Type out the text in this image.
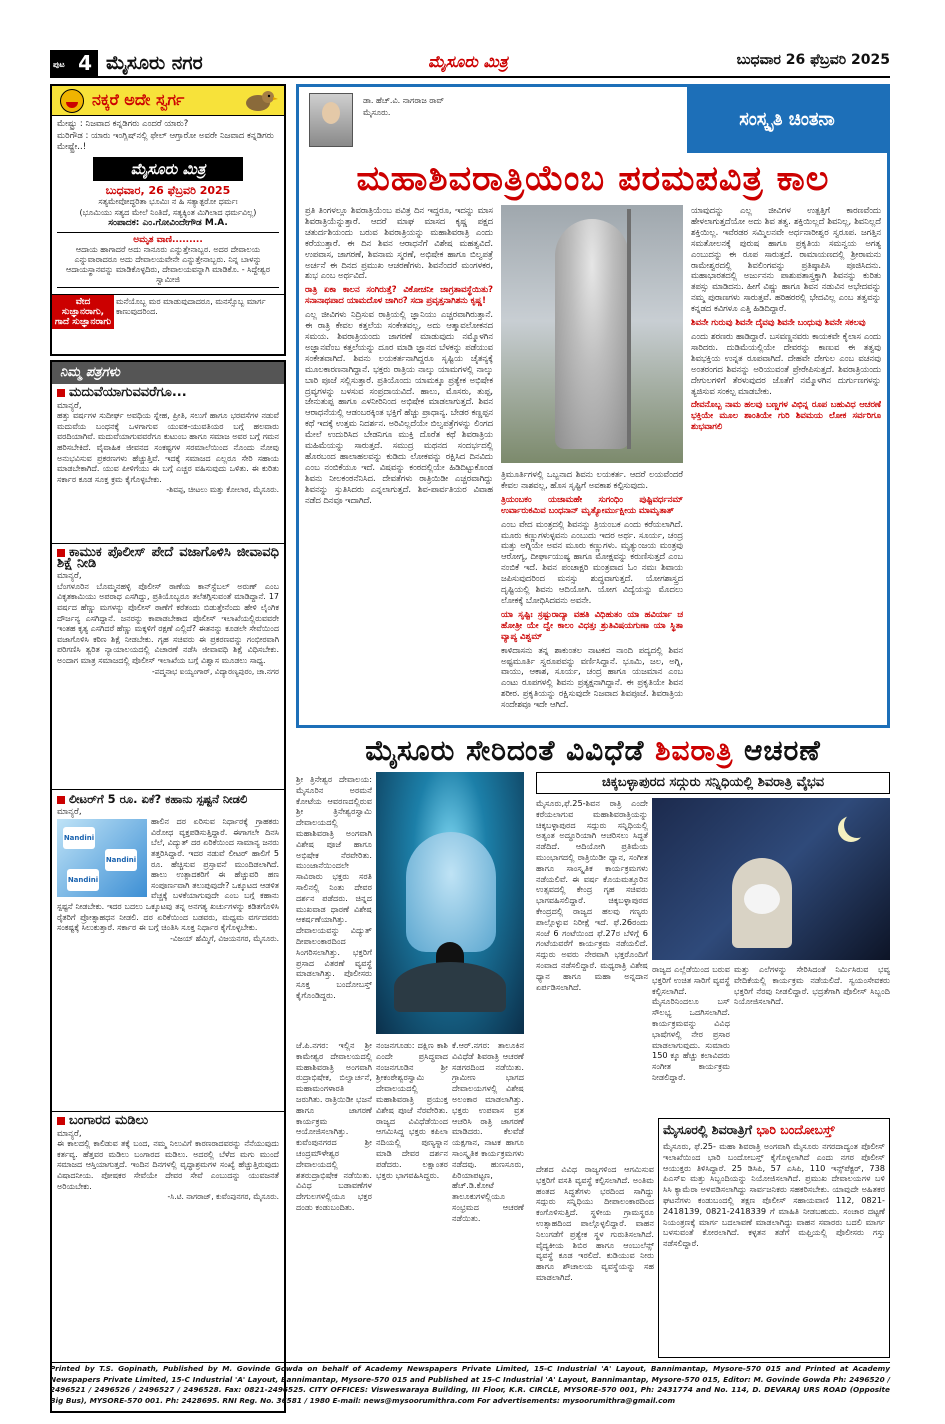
ಪುಟ 4 ಮೈಸೂರು ನಗರ	ಮೈಸೂರು ಮಿತ್ರ	ಬುಧವಾರ 26 ಫೆಬ್ರವರಿ 2025
ನಕ್ಕರೆ ಅದೇ ಸ್ವರ್ಗ

ಮೇಷ್ಟ್ರು : ನಿಜವಾದ ಕನ್ನಡಿಗರು ಎಂದರೆ ಯಾರು?

ಮರಿಗೌಡ : ಯಾರು ಇಂಗ್ಲಿಷ್‌ನಲ್ಲಿ ಫೇಲ್ ಆಗ್ತಾರೋ ಅವರೇ ನಿಜವಾದ ಕನ್ನಡಿಗರು ಮೇಷ್ಟ್ರೇ..!

ಮೈಸೂರು ಮಿತ್ರ
ಬುಧವಾರ, 26 ಫೆಬ್ರವರಿ 2025
ಸತ್ಯಮೇವೋದ್ಧರಿತಾ ಭೂಮಿಃ ನ ಹಿ ಸತ್ಯಾತ್ಪರೋ ಧರ್ಮಃ
(ಭೂಮಿಯು ಸತ್ಯದ ಮೇಲೆ ನಿಂತಿದೆ, ಸತ್ಯಕ್ಕಿಂತ ಮಿಗಿಲಾದ ಧರ್ಮವಿಲ್ಲ)
ಸಂಪಾದಕ: ಎಂ.ಗೋವಿಂದೇಗೌಡ M.A.
ಅಮೃತ ವಾಣಿ.........
ಆದಾಯ ಹಾಗಾದರೆ ಅದು ನಾನೂರು ಎನ್ನುತ್ತೇನಾಬ್ಬರ. ಅದರ ದೇವಾಲಯ ಎನ್ನುವಾರಾದರೂ ಅದು ದೇವಾಲಯವೇನೇ ಎನ್ನುತ್ತೇನಾಬ್ಬರು. ನಿನ್ನ ಬಾಳನ್ನು ಆದಾಯಸ್ಥಾನವನ್ನು ಮಾಡಿಕೊಳ್ಳದಿರು, ದೇವಾಲಯವನ್ನಾಗಿ ಮಾಡಿಕೊ. - ಸಿದ್ದೇಶ್ವರ ಸ್ವಾಮೀಜಿ
ವೇದ ಸುಜ್ಞಾನರಾಗು, ಗಾದೆ ಸುಜ್ಞಾನರಾಗು
ಮನೆಯೊಬ್ಬ ಮರ ಮಾಡುವುದಾದರೂ, ಮನಸ್ಸೊಬ್ಬ ಮಾರ್ಗ ಕಾಣುವುದರಿಂದ.
ನಿಮ್ಮ ಪತ್ರಗಳು
ಮದುವೆಯಾಗುವವರೆಗೂ...
ಮಾನ್ಯರೆ,
ಹತ್ತು ವರ್ಷಗಳ ಸುದೀರ್ಘ ಅವಧಿಯ ಸ್ನೇಹ, ಪ್ರೀತಿ, ಸಲುಗೆ ಹಾಗೂ ಭರವಸೆಗಳ ನಡುವೆ ಮದುವೆಯ ಬಂಧನಕ್ಕೆ ಒಳಗಾಗುವ ಯುವಕ-ಯುವತಿಯರ ಬಗ್ಗೆ ಹಲವಾರು ವರದಿಯಾಗಿವೆ. ಮದುವೆಯಾಗುವವರೆಗೂ ಕುಟುಂಬ ಹಾಗೂ ಸಮಾಜ ಅವರ ಬಗ್ಗೆ ಗಮನ ಹರಿಸಬೇಕಿದೆ. ವೈವಾಹಿಕ ಜೀವನದ ಸಂಕಷ್ಟಗಳ ಸರಮಾಲೆಯಿಂದ ನೊಂದು ನೋವು ಅನುಭವಿಸುವ ಪ್ರಕರಣಗಳು ಹೆಚ್ಚುತ್ತಿವೆ. ಇದಕ್ಕೆ ಸಮಾಜದ ಎಲ್ಲರೂ ಸೇರಿ ಸಹಾಯ ಮಾಡಬೇಕಾಗಿದೆ. ಯುವ ಪೀಳಿಗೆಯು ಈ ಬಗ್ಗೆ ಎಚ್ಚರ ವಹಿಸುವುದು ಒಳಿತು. ಈ ಕುರಿತು ಸರ್ಕಾರ ಕೂಡ ಸೂಕ್ತ ಕ್ರಮ ಕೈಗೊಳ್ಳಬೇಕು.
-ಶಿವಪ್ಪ, ಚೀಟಲು ಮತ್ತು ಕೋಲಾರ, ಮೈಸೂರು.
ಕಾಮುಕ ಪೊಲೀಸ್ ಪೇದೆ ವಜಾಗೊಳಿಸಿ ಜೀವಾವಧಿ ಶಿಕ್ಷೆ ನೀಡಿ
ಮಾನ್ಯರೆ,
ಬೆಂಗಳೂರಿನ ಬೊಮ್ಮನಹಳ್ಳಿ ಪೊಲೀಸ್ ಠಾಣೆಯ ಕಾನ್‌ಸ್ಟೆಬಲ್ ಅರುಣ್ ಎಂಬ ವಿಕೃತಕಾಮಿಯು ಅಪರಾಧ ಎಸಗಿದ್ದು, ಪ್ರತಿಯೊಬ್ಬರೂ ತಲೆತಗ್ಗಿಸುವಂತೆ ಮಾಡಿದ್ದಾನೆ. 17 ವರ್ಷದ ಹೆಣ್ಣು ಮಗಳನ್ನು ಪೊಲೀಸ್ ಠಾಣೆಗೆ ಕರೆತಂದು ಬಿಡುತ್ತೇನೆಂದು ಹೇಳಿ ಲೈಂಗಿಕ ದೌರ್ಜನ್ಯ ಎಸಗಿದ್ದಾನೆ. ಜನರನ್ನು ಕಾಪಾಡಬೇಕಾದ ಪೊಲೀಸ್ ಇಲಾಖೆಯಲ್ಲಿರುವವರೇ ಇಂತಹ ಕೃತ್ಯ ಎಸಗಿದರೆ ಹೆಣ್ಣು ಮಕ್ಕಳಿಗೆ ರಕ್ಷಣೆ ಎಲ್ಲಿದೆ? ಈತನನ್ನು ಕೂಡಲೇ ಸೇವೆಯಿಂದ ವಜಾಗೊಳಿಸಿ ಕಠಿಣ ಶಿಕ್ಷೆ ನೀಡಬೇಕು. ಗೃಹ ಸಚಿವರು ಈ ಪ್ರಕರಣವನ್ನು ಗಂಭೀರವಾಗಿ ಪರಿಗಣಿಸಿ ತ್ವರಿತ ನ್ಯಾಯಾಲಯದಲ್ಲಿ ವಿಚಾರಣೆ ನಡೆಸಿ ಜೀವಾವಧಿ ಶಿಕ್ಷೆ ವಿಧಿಸಬೇಕು. ಅಂದಾಗ ಮಾತ್ರ ಸಮಾಜದಲ್ಲಿ ಪೊಲೀಸ್ ಇಲಾಖೆಯ ಬಗ್ಗೆ ವಿಶ್ವಾಸ ಮೂಡಲು ಸಾಧ್ಯ.
-ಪದ್ಮನಾಭ ಐಯ್ಯಂಗಾರ್, ವಿದ್ಯಾರಣ್ಯಪುರಂ, ಚಾ.ನಗರ
ಲೀಟರ್‌ಗೆ 5 ರೂ. ಏಕೆ? ಕಹಾನು ಸ್ಪಷ್ಟನೆ ನೀಡಲಿ
ಮಾನ್ಯರೆ,
Nandini
Nandini
Nandini
ಹಾಲಿನ ದರ ಏರಿಸುವ ನಿರ್ಧಾರಕ್ಕೆ ಗ್ರಾಹಕರು ವಿರೋಧ ವ್ಯಕ್ತಪಡಿಸುತ್ತಿದ್ದಾರೆ. ಈಗಾಗಲೇ ದಿನಸಿ ಬೆಲೆ, ವಿದ್ಯುತ್ ದರ ಏರಿಕೆಯಿಂದ ಸಾಮಾನ್ಯ ಜನರು ತತ್ತರಿಸಿದ್ದಾರೆ. ಇದರ ನಡುವೆ ಲೀಟರ್ ಹಾಲಿಗೆ 5 ರೂ. ಹೆಚ್ಚಿಸುವ ಪ್ರಸ್ತಾವನೆ ಮುಂದಿಡಲಾಗಿದೆ. ಹಾಲು ಉತ್ಪಾದಕರಿಗೆ ಈ ಹೆಚ್ಚುವರಿ ಹಣ ಸಂಪೂರ್ಣವಾಗಿ ತಲುಪುವುದೇ? ಒಕ್ಕೂಟದ ಆಡಳಿತ ವೆಚ್ಚಕ್ಕೆ ಬಳಕೆಯಾಗುವುದೇ ಎಂಬ ಬಗ್ಗೆ ಕಹಾನು ಸ್ಪಷ್ಟನೆ ನೀಡಬೇಕು. ಇದರ ಬದಲು ಒಕ್ಕೂಟವು ತನ್ನ ಅನಗತ್ಯ ಖರ್ಚುಗಳನ್ನು ಕಡಿತಗೊಳಿಸಿ ರೈತರಿಗೆ ಪ್ರೋತ್ಸಾಹಧನ ನೀಡಲಿ. ದರ ಏರಿಕೆಯಿಂದ ಬಡವರು, ಮಧ್ಯಮ ವರ್ಗದವರು ಸಂಕಷ್ಟಕ್ಕೆ ಸಿಲುಕುತ್ತಾರೆ. ಸರ್ಕಾರ ಈ ಬಗ್ಗೆ ಚಿಂತಿಸಿ ಸೂಕ್ತ ನಿರ್ಧಾರ ಕೈಗೊಳ್ಳಬೇಕು.
-ವಿಜಯ್ ಹೆಮ್ಮಿಗೆ, ವಿಜಯನಗರ, ಮೈಸೂರು.
ಬಂಗಾರದ ಮಡಿಲು
ಮಾನ್ಯರೆ,
ಈ ಕಾಲದಲ್ಲಿ ಕಾಲಿಡುವ ತಕ್ಕೆ ಬಂದ, ನಮ್ಮ ನಿಲುವಿಗೆ ಕಾರಣರಾದವರನ್ನು ನೆನೆಯುವುದು ಕರ್ತವ್ಯ. ಹೆತ್ತವರ ಮಡಿಲು ಬಂಗಾರದ ಮಡಿಲು. ಅದರಲ್ಲಿ ಬೆಳೆದ ಮಗು ಮುಂದೆ ಸಮಾಜದ ಆಸ್ತಿಯಾಗುತ್ತದೆ. ಇಂದಿನ ದಿನಗಳಲ್ಲಿ ವೃದ್ಧಾಶ್ರಮಗಳ ಸಂಖ್ಯೆ ಹೆಚ್ಚುತ್ತಿರುವುದು ವಿಷಾದನೀಯ. ಪೋಷಕರ ಸೇವೆಯೇ ದೇವರ ಸೇವೆ ಎಂಬುದನ್ನು ಯುವಜನತೆ ಅರಿಯಬೇಕು.
-ಸಿ.ಟಿ. ನಾಗರಾಜ್, ಕುವೆಂಪುನಗರ, ಮೈಸೂರು.
ಡಾ. ಹೆಚ್.ವಿ. ನಾಗರಾಜ ರಾವ್
ಮೈಸೂರು.	ಸಂಸ್ಕೃತಿ ಚಿಂತನಾ
ಮಹಾಶಿವರಾತ್ರಿಯೆಂಬ ಪರಮಪವಿತ್ರ ಕಾಲ

ಪ್ರತಿ ತಿಂಗಳಲ್ಲೂ ಶಿವರಾತ್ರಿಯೆಂಬ ಪವಿತ್ರ ದಿನ ಇದ್ದರೂ, ಇದನ್ನು ಮಾಸ ಶಿವರಾತ್ರಿಯೆನ್ನುತ್ತಾರೆ. ಆದರೆ ಮಾಘ ಮಾಸದ ಕೃಷ್ಣ ಪಕ್ಷದ ಚತುರ್ದಶಿಯಂದು ಬರುವ ಶಿವರಾತ್ರಿಯನ್ನು ಮಹಾಶಿವರಾತ್ರಿ ಎಂದು ಕರೆಯುತ್ತಾರೆ. ಈ ದಿನ ಶಿವನ ಆರಾಧನೆಗೆ ವಿಶೇಷ ಮಹತ್ವವಿದೆ. ಉಪವಾಸ, ಜಾಗರಣೆ, ಶಿವನಾಮ ಸ್ಮರಣೆ, ಅಭಿಷೇಕ ಹಾಗೂ ಬಿಲ್ವಪತ್ರೆ ಅರ್ಚನೆ ಈ ದಿನದ ಪ್ರಮುಖ ಆಚರಣೆಗಳು. ಶಿವನೆಂದರೆ ಮಂಗಳಕರ, ಶುಭ ಎಂಬ ಅರ್ಥವಿದೆ.

ರಾತ್ರಿ ಏಕಾ ಕಾಲನ ಸಂಗಿರುತ್ತೆ? ವಿಕೋಚನೀ ಜಾಗ್ರತಾವಸ್ಥೆಯಿತು? ಸನಾನಾಥಪಾದ ಯಾಮದೊಳ ಜಾಗಿರ? ಸದಾ ಪ್ರವೃತ್ತನಾಗಿಶನು ಕೃಷ್ಣ!

ಎಲ್ಲ ಜೀವಿಗಳು ನಿದ್ರಿಸುವ ರಾತ್ರಿಯಲ್ಲಿ ಜ್ಞಾನಿಯು ಎಚ್ಚರವಾಗಿರುತ್ತಾನೆ. ಈ ರಾತ್ರಿ ಕೇವಲ ಕತ್ತಲೆಯ ಸಂಕೇತವಲ್ಲ, ಅದು ಆತ್ಮಾವಲೋಕನದ ಸಮಯ. ಶಿವರಾತ್ರಿಯಂದು ಜಾಗರಣೆ ಮಾಡುವುದು ನಮ್ಮೊಳಗಿನ ಅಜ್ಞಾನವೆಂಬ ಕತ್ತಲೆಯನ್ನು ದೂರ ಮಾಡಿ ಜ್ಞಾನದ ಬೆಳಕನ್ನು ಪಡೆಯುವ ಸಂಕೇತವಾಗಿದೆ. ಶಿವನು ಲಯಕರ್ತನಾಗಿದ್ದರೂ ಸೃಷ್ಟಿಯ ಚೈತನ್ಯಕ್ಕೆ ಮೂಲಕಾರಣನಾಗಿದ್ದಾನೆ. ಭಕ್ತರು ರಾತ್ರಿಯ ನಾಲ್ಕು ಯಾಮಗಳಲ್ಲಿ ನಾಲ್ಕು ಬಾರಿ ಪೂಜೆ ಸಲ್ಲಿಸುತ್ತಾರೆ. ಪ್ರತಿಯೊಂದು ಯಾಮಕ್ಕೂ ಪ್ರತ್ಯೇಕ ಅಭಿಷೇಕ ದ್ರವ್ಯಗಳನ್ನು ಬಳಸುವ ಸಂಪ್ರದಾಯವಿದೆ. ಹಾಲು, ಮೊಸರು, ತುಪ್ಪ, ಜೇನುತುಪ್ಪ ಹಾಗೂ ಎಳನೀರಿನಿಂದ ಅಭಿಷೇಕ ಮಾಡಲಾಗುತ್ತದೆ. ಶಿವನ ಆರಾಧನೆಯಲ್ಲಿ ಆಡಂಬರಕ್ಕಿಂತ ಭಕ್ತಿಗೆ ಹೆಚ್ಚು ಪ್ರಾಧಾನ್ಯ. ಬೇಡರ ಕಣ್ಣಪ್ಪನ ಕಥೆ ಇದಕ್ಕೆ ಉತ್ತಮ ನಿದರ್ಶನ. ಅರಿವಿಲ್ಲದೆಯೇ ಬಿಲ್ವಪತ್ರೆಗಳನ್ನು ಲಿಂಗದ ಮೇಲೆ ಉದುರಿಸಿದ ಬೇಡನಿಗೂ ಮುಕ್ತಿ ದೊರೆತ ಕಥೆ ಶಿವರಾತ್ರಿಯ ಮಹಿಮೆಯನ್ನು ಸಾರುತ್ತದೆ. ಸಮುದ್ರ ಮಥನದ ಸಂದರ್ಭದಲ್ಲಿ ಹೊರಬಂದ ಹಾಲಾಹಲವನ್ನು ಕುಡಿದು ಲೋಕವನ್ನು ರಕ್ಷಿಸಿದ ದಿನವಿದು ಎಂಬ ನಂಬಿಕೆಯೂ ಇದೆ. ವಿಷವನ್ನು ಕಂಠದಲ್ಲಿಯೇ ಹಿಡಿದಿಟ್ಟುಕೊಂಡ ಶಿವನು ನೀಲಕಂಠನೆನಿಸಿದ. ದೇವತೆಗಳು ರಾತ್ರಿಯಿಡೀ ಎಚ್ಚರವಾಗಿದ್ದು ಶಿವನನ್ನು ಸ್ತುತಿಸಿದರು ಎನ್ನಲಾಗುತ್ತದೆ. ಶಿವ-ಪಾರ್ವತಿಯರ ವಿವಾಹ ನಡೆದ ದಿನವೂ ಇದಾಗಿದೆ.

ತ್ರಿಮೂರ್ತಿಗಳಲ್ಲಿ ಒಬ್ಬನಾದ ಶಿವನು ಲಯಕರ್ತ. ಆದರೆ ಲಯವೆಂದರೆ ಕೇವಲ ನಾಶವಲ್ಲ, ಹೊಸ ಸೃಷ್ಟಿಗೆ ಅವಕಾಶ ಕಲ್ಪಿಸುವುದು.

ತ್ರಿಯಂಬಕಂ ಯಜಾಮಹೇ ಸುಗಂಧಿಂ ಪುಷ್ಟಿವರ್ಧನಮ್ ಉರ್ವಾರುಕಮಿವ ಬಂಧನಾನ್ ಮೃತ್ಯೋರ್ಮುಕ್ಷೀಯ ಮಾಮೃತಾತ್

ಎಂಬ ವೇದ ಮಂತ್ರದಲ್ಲಿ ಶಿವನನ್ನು ತ್ರಿಯಂಬಕ ಎಂದು ಕರೆಯಲಾಗಿದೆ. ಮೂರು ಕಣ್ಣುಗಳುಳ್ಳವನು ಎಂಬುದು ಇದರ ಅರ್ಥ. ಸೂರ್ಯ, ಚಂದ್ರ ಮತ್ತು ಅಗ್ನಿಯೇ ಅವನ ಮೂರು ಕಣ್ಣುಗಳು. ಮೃತ್ಯುಂಜಯ ಮಂತ್ರವು ಆರೋಗ್ಯ, ದೀರ್ಘಾಯುಷ್ಯ ಹಾಗೂ ಮೋಕ್ಷವನ್ನು ಕರುಣಿಸುತ್ತದೆ ಎಂಬ ನಂಬಿಕೆ ಇದೆ. ಶಿವನ ಪಂಚಾಕ್ಷರಿ ಮಂತ್ರವಾದ ಓಂ ನಮಃ ಶಿವಾಯ ಜಪಿಸುವುದರಿಂದ ಮನಸ್ಸು ಶುದ್ಧವಾಗುತ್ತದೆ. ಯೋಗಶಾಸ್ತ್ರದ ದೃಷ್ಟಿಯಲ್ಲಿ ಶಿವನು ಆದಿಯೋಗಿ. ಯೋಗ ವಿದ್ಯೆಯನ್ನು ಮೊದಲು ಲೋಕಕ್ಕೆ ಬೋಧಿಸಿದವನು ಅವನೇ.

ಯಾ ಸೃಷ್ಟಿಃ ಸ್ರಷ್ಟುರಾದ್ಯಾ ವಹತಿ ವಿಧಿಹುತಂ ಯಾ ಹವಿರ್ಯಾ ಚ ಹೋತ್ರೀ ಯೇ ದ್ವೇ ಕಾಲಂ ವಿಧತ್ತಃ ಶ್ರುತಿವಿಷಯಗುಣಾ ಯಾ ಸ್ಥಿತಾ ವ್ಯಾಪ್ಯ ವಿಶ್ವಮ್

ಕಾಳಿದಾಸನು ತನ್ನ ಶಾಕುಂತಲ ನಾಟಕದ ನಾಂದಿ ಪದ್ಯದಲ್ಲಿ ಶಿವನ ಅಷ್ಟಮೂರ್ತಿ ಸ್ವರೂಪವನ್ನು ವರ್ಣಿಸಿದ್ದಾನೆ. ಭೂಮಿ, ಜಲ, ಅಗ್ನಿ, ವಾಯು, ಆಕಾಶ, ಸೂರ್ಯ, ಚಂದ್ರ ಹಾಗೂ ಯಜಮಾನ ಎಂಬ ಎಂಟು ರೂಪಗಳಲ್ಲಿ ಶಿವನು ಪ್ರತ್ಯಕ್ಷನಾಗಿದ್ದಾನೆ. ಈ ಪ್ರಕೃತಿಯೇ ಶಿವನ ಶರೀರ. ಪ್ರಕೃತಿಯನ್ನು ರಕ್ಷಿಸುವುದೇ ನಿಜವಾದ ಶಿವಪೂಜೆ. ಶಿವರಾತ್ರಿಯ ಸಂದೇಶವೂ ಇದೇ ಆಗಿದೆ.

ಯಾವುದನ್ನು ಎಲ್ಲ ಜೀವಿಗಳ ಉತ್ಪತ್ತಿಗೆ ಕಾರಣವೆಂದು ಹೇಳಲಾಗುತ್ತದೆಯೋ ಅದು ಶಿವ ತತ್ವ. ಶಕ್ತಿಯಿಲ್ಲದೆ ಶಿವನಿಲ್ಲ, ಶಿವನಿಲ್ಲದೆ ಶಕ್ತಿಯಿಲ್ಲ. ಇವೆರಡರ ಸಮ್ಮಿಲನವೇ ಅರ್ಧನಾರೀಶ್ವರ ಸ್ವರೂಪ. ಜಗತ್ತಿನ ಸಮತೋಲನಕ್ಕೆ ಪುರುಷ ಹಾಗೂ ಪ್ರಕೃತಿಯ ಸಮನ್ವಯ ಅಗತ್ಯ ಎಂಬುದನ್ನು ಈ ರೂಪ ಸಾರುತ್ತದೆ. ರಾಮಾಯಣದಲ್ಲಿ ಶ್ರೀರಾಮನು ರಾಮೇಶ್ವರದಲ್ಲಿ ಶಿವಲಿಂಗವನ್ನು ಪ್ರತಿಷ್ಠಾಪಿಸಿ ಪೂಜಿಸಿದನು. ಮಹಾಭಾರತದಲ್ಲಿ ಅರ್ಜುನನು ಪಾಶುಪತಾಸ್ತ್ರಕ್ಕಾಗಿ ಶಿವನನ್ನು ಕುರಿತು ತಪಸ್ಸು ಮಾಡಿದನು. ಹೀಗೆ ವಿಷ್ಣು ಹಾಗೂ ಶಿವನ ನಡುವಿನ ಅಭೇದವನ್ನು ನಮ್ಮ ಪುರಾಣಗಳು ಸಾರುತ್ತವೆ. ಹರಿಹರರಲ್ಲಿ ಭೇದವಿಲ್ಲ ಎಂಬ ತತ್ವವನ್ನು ಕನ್ನಡದ ಕವಿಗಳೂ ಎತ್ತಿ ಹಿಡಿದಿದ್ದಾರೆ.

ಶಿವನೇ ಗುರುವು ಶಿವನೇ ದೈವವು ಶಿವನೇ ಬಂಧುವು ಶಿವನೇ ಸಕಲವು

ಎಂದು ಶರಣರು ಹಾಡಿದ್ದಾರೆ. ಬಸವಣ್ಣನವರು ಕಾಯಕವೇ ಕೈಲಾಸ ಎಂದು ಸಾರಿದರು. ದುಡಿಮೆಯಲ್ಲಿಯೇ ದೇವರನ್ನು ಕಾಣುವ ಈ ತತ್ವವು ಶಿವಭಕ್ತಿಯ ಉನ್ನತ ರೂಪವಾಗಿದೆ. ದೇಹವೇ ದೇಗುಲ ಎಂಬ ವಚನವು ಅಂತರಂಗದ ಶಿವನನ್ನು ಅರಿಯುವಂತೆ ಪ್ರೇರೇಪಿಸುತ್ತದೆ. ಶಿವರಾತ್ರಿಯಂದು ದೇಗುಲಗಳಿಗೆ ತೆರಳುವುದರ ಜೊತೆಗೆ ನಮ್ಮೊಳಗಿನ ದುರ್ಗುಣಗಳನ್ನು ತ್ಯಜಿಸುವ ಸಂಕಲ್ಪ ಮಾಡಬೇಕು.

ದೇವನೊಬ್ಬ ನಾಮ ಹಲವು ಬಣ್ಣಗಳ ವಿಭಿನ್ನ ರೂಪ ಬಹುವಿಧ ಆಚರಣೆ ಭಕ್ತಿಯೇ ಮೂಲ ಶಾಂತಿಯೇ ಗುರಿ ಶಿವಮಯ ಲೋಕ ಸರ್ವರಿಗೂ ಶುಭವಾಗಲಿ

ಮೈಸೂರು ಸೇರಿದಂತೆ ವಿವಿಧೆಡೆ ಶಿವರಾತ್ರಿ ಆಚರಣೆ
ಶ್ರೀ ತ್ರಿನೇಶ್ವರ ದೇವಾಲಯ: ಮೈಸೂರಿನ ಅರಮನೆ ಕೋಟೆಯ ಆವರಣದಲ್ಲಿರುವ ಶ್ರೀ ತ್ರಿನೇಶ್ವರಸ್ವಾಮಿ ದೇವಾಲಯದಲ್ಲಿ ಮಹಾಶಿವರಾತ್ರಿ ಅಂಗವಾಗಿ ವಿಶೇಷ ಪೂಜೆ ಹಾಗೂ ಅಭಿಷೇಕ ನೆರವೇರಿತು. ಮುಂಜಾನೆಯಿಂದಲೇ ಸಾವಿರಾರು ಭಕ್ತರು ಸರತಿ ಸಾಲಿನಲ್ಲಿ ನಿಂತು ದೇವರ ದರ್ಶನ ಪಡೆದರು. ಚಿನ್ನದ ಮುಖವಾಡ ಧಾರಣೆ ವಿಶೇಷ ಆಕರ್ಷಣೆಯಾಗಿತ್ತು. ದೇವಾಲಯವನ್ನು ವಿದ್ಯುತ್ ದೀಪಾಲಂಕಾರದಿಂದ ಸಿಂಗರಿಸಲಾಗಿತ್ತು. ಭಕ್ತರಿಗೆ ಪ್ರಸಾದ ವಿತರಣೆ ವ್ಯವಸ್ಥೆ ಮಾಡಲಾಗಿತ್ತು. ಪೊಲೀಸರು ಸೂಕ್ತ ಬಂದೋಬಸ್ತ್ ಕೈಗೊಂಡಿದ್ದರು.
ಜೆ.ಪಿ.ನಗರ: ಇಲ್ಲಿನ ಶ್ರೀ ಕಾಮೇಶ್ವರ ದೇವಾಲಯದಲ್ಲಿ ಮಹಾಶಿವರಾತ್ರಿ ಅಂಗವಾಗಿ ರುದ್ರಾಭಿಷೇಕ, ಬಿಲ್ವಾರ್ಚನೆ, ಮಹಾಮಂಗಳಾರತಿ ಜರುಗಿತು. ರಾತ್ರಿಯಿಡೀ ಭಜನೆ ಹಾಗೂ ಜಾಗರಣೆ ಕಾರ್ಯಕ್ರಮ ಆಯೋಜಿಸಲಾಗಿತ್ತು. ಕುವೆಂಪುನಗರದ ಶ್ರೀ ಚಂದ್ರಮೌಳೇಶ್ವರ ದೇವಾಲಯದಲ್ಲಿ ಶತರುದ್ರಾಭಿಷೇಕ ನಡೆಯಿತು. ವಿವಿಧ ಬಡಾವಣೆಗಳ ದೇಗುಲಗಳಲ್ಲಿಯೂ ಭಕ್ತರ ದಂಡು ಕಂಡುಬಂದಿತು.
ನಂಜನಗೂಡು: ದಕ್ಷಿಣ ಕಾಶಿ ಎಂದೇ ಪ್ರಸಿದ್ಧವಾದ ನಂಜನಗೂಡಿನ ಶ್ರೀ ಶ್ರೀಕಂಠೇಶ್ವರಸ್ವಾಮಿ ದೇವಾಲಯದಲ್ಲಿ ಮಹಾಶಿವರಾತ್ರಿ ಪ್ರಯುಕ್ತ ವಿಶೇಷ ಪೂಜೆ ನೆರವೇರಿತು. ರಾಜ್ಯದ ವಿವಿಧೆಡೆಯಿಂದ ಆಗಮಿಸಿದ್ದ ಭಕ್ತರು ಕಪಿಲಾ ನದಿಯಲ್ಲಿ ಪುಣ್ಯಸ್ನಾನ ಮಾಡಿ ದೇವರ ದರ್ಶನ ಪಡೆದರು. ಲಕ್ಷಾಂತರ ಭಕ್ತರು ಭಾಗವಹಿಸಿದ್ದರು.
ಕೆ.ಆರ್.ನಗರ: ತಾಲೂಕಿನ ವಿವಿಧೆಡೆ ಶಿವರಾತ್ರಿ ಆಚರಣೆ ಸಡಗರದಿಂದ ನಡೆಯಿತು. ಗ್ರಾಮೀಣ ಭಾಗದ ದೇವಾಲಯಗಳಲ್ಲಿ ವಿಶೇಷ ಅಲಂಕಾರ ಮಾಡಲಾಗಿತ್ತು. ಭಕ್ತರು ಉಪವಾಸ ವ್ರತ ಆಚರಿಸಿ ರಾತ್ರಿ ಜಾಗರಣೆ ಮಾಡಿದರು. ಕೆಲವೆಡೆ ಯಕ್ಷಗಾನ, ನಾಟಕ ಹಾಗೂ ಸಾಂಸ್ಕೃತಿಕ ಕಾರ್ಯಕ್ರಮಗಳು ನಡೆದವು. ಹುಣಸೂರು, ಪಿರಿಯಾಪಟ್ಟಣ, ಹೆಚ್.ಡಿ.ಕೋಟೆ ತಾಲೂಕುಗಳಲ್ಲಿಯೂ ಸಂಭ್ರಮದ ಆಚರಣೆ ನಡೆಯಿತು.
ಚಿಕ್ಕಬಳ್ಳಾಪುರದ ಸದ್ಗುರು ಸನ್ನಿಧಿಯಲ್ಲಿ ಶಿವರಾತ್ರಿ ವೈಭವ
ಮೈಸೂರು,ಫೆ.25-ಶಿವನ ರಾತ್ರಿ ಎಂದೇ ಕರೆಯಲಾಗುವ ಮಹಾಶಿವರಾತ್ರಿಯನ್ನು ಚಿಕ್ಕಬಳ್ಳಾಪುರದ ಸದ್ಗುರು ಸನ್ನಿಧಿಯಲ್ಲಿ ಅತ್ಯಂತ ಅದ್ಧೂರಿಯಾಗಿ ಆಚರಿಸಲು ಸಿದ್ಧತೆ ನಡೆದಿದೆ. ಆದಿಯೋಗಿ ಪ್ರತಿಮೆಯ ಮುಂಭಾಗದಲ್ಲಿ ರಾತ್ರಿಯಿಡೀ ಧ್ಯಾನ, ಸಂಗೀತ ಹಾಗೂ ಸಾಂಸ್ಕೃತಿಕ ಕಾರ್ಯಕ್ರಮಗಳು ನಡೆಯಲಿವೆ. ಈ ವರ್ಷ ಕೊಯಮತ್ತೂರಿನ ಉತ್ಸವದಲ್ಲಿ ಕೇಂದ್ರ ಗೃಹ ಸಚಿವರು ಭಾಗವಹಿಸಲಿದ್ದಾರೆ. ಚಿಕ್ಕಬಳ್ಳಾಪುರದ ಕೇಂದ್ರದಲ್ಲಿ ರಾಜ್ಯದ ಹಲವು ಗಣ್ಯರು ಪಾಲ್ಗೊಳ್ಳುವ ನಿರೀಕ್ಷೆ ಇದೆ. ಫೆ.26ರಂದು ಸಂಜೆ 6 ಗಂಟೆಯಿಂದ ಫೆ.27ರ ಬೆಳಿಗ್ಗೆ 6 ಗಂಟೆಯವರೆಗೆ ಕಾರ್ಯಕ್ರಮ ನಡೆಯಲಿದೆ. ಸದ್ಗುರು ಅವರು ನೇರವಾಗಿ ಭಕ್ತರೊಂದಿಗೆ ಸಂವಾದ ನಡೆಸಲಿದ್ದಾರೆ. ಮಧ್ಯರಾತ್ರಿ ವಿಶೇಷ ಧ್ಯಾನ ಹಾಗೂ ಮಹಾ ಅನ್ನದಾನ ಏರ್ಪಡಿಸಲಾಗಿದೆ.
ರಾಜ್ಯದ ಎಲ್ಲೆಡೆಯಿಂದ ಬರುವ ಭಕ್ತರಿಗೆ ಉಚಿತ ಸಾರಿಗೆ ವ್ಯವಸ್ಥೆ ಕಲ್ಪಿಸಲಾಗಿದೆ. ಮೈಸೂರಿನಿಂದಲೂ ಬಸ್ ಸೌಲಭ್ಯ ಒದಗಿಸಲಾಗಿದೆ. ಕಾರ್ಯಕ್ರಮವನ್ನು ವಿವಿಧ ಭಾಷೆಗಳಲ್ಲಿ ನೇರ ಪ್ರಸಾರ ಮಾಡಲಾಗುವುದು. ಸುಮಾರು 150 ಕ್ಕೂ ಹೆಚ್ಚು ಕಲಾವಿದರು ಸಂಗೀತ ಕಾರ್ಯಕ್ರಮ ನೀಡಲಿದ್ದಾರೆ.
ಮತ್ತು ಎಲೆಗಳನ್ನು ಸೇರಿಸಿದಂತೆ ನಿರ್ಮಿಸಿರುವ ಭವ್ಯ ವೇದಿಕೆಯಲ್ಲಿ ಕಾರ್ಯಕ್ರಮ ನಡೆಯಲಿದೆ. ಸ್ವಯಂಸೇವಕರು ಭಕ್ತರಿಗೆ ನೆರವು ನೀಡಲಿದ್ದಾರೆ. ಭದ್ರತೆಗಾಗಿ ಪೊಲೀಸ್ ಸಿಬ್ಬಂದಿ ನಿಯೋಜಿಸಲಾಗಿದೆ.
ದೇಶದ ವಿವಿಧ ರಾಜ್ಯಗಳಿಂದ ಆಗಮಿಸುವ ಭಕ್ತರಿಗೆ ವಸತಿ ವ್ಯವಸ್ಥೆ ಕಲ್ಪಿಸಲಾಗಿದೆ. ಅಂತಿಮ ಹಂತದ ಸಿದ್ಧತೆಗಳು ಭರದಿಂದ ಸಾಗಿದ್ದು ಸದ್ಗುರು ಸನ್ನಿಧಿಯು ದೀಪಾಲಂಕಾರದಿಂದ ಕಂಗೊಳಿಸುತ್ತಿದೆ. ಸ್ಥಳೀಯ ಗ್ರಾಮಸ್ಥರೂ ಉತ್ಸಾಹದಿಂದ ಪಾಲ್ಗೊಳ್ಳಲಿದ್ದಾರೆ. ವಾಹನ ನಿಲುಗಡೆಗೆ ಪ್ರತ್ಯೇಕ ಸ್ಥಳ ಗುರುತಿಸಲಾಗಿದೆ. ವೈದ್ಯಕೀಯ ಶಿಬಿರ ಹಾಗೂ ಆಂಬುಲೆನ್ಸ್ ವ್ಯವಸ್ಥೆ ಕೂಡ ಇರಲಿದೆ. ಕುಡಿಯುವ ನೀರು ಹಾಗೂ ಶೌಚಾಲಯ ವ್ಯವಸ್ಥೆಯನ್ನು ಸಹ ಮಾಡಲಾಗಿದೆ.
ಮೈಸೂರಲ್ಲಿ ಶಿವರಾತ್ರಿಗೆ ಭಾರಿ ಬಂದೋಬಸ್ತ್
ಮೈಸೂರು, ಫೆ.25- ಮಹಾ ಶಿವರಾತ್ರಿ ಅಂಗವಾಗಿ ಮೈಸೂರು ನಗರದಾದ್ಯಂತ ಪೊಲೀಸ್ ಇಲಾಖೆಯಿಂದ ಭಾರಿ ಬಂದೋಬಸ್ತ್ ಕೈಗೊಳ್ಳಲಾಗಿದೆ ಎಂದು ನಗರ ಪೊಲೀಸ್ ಆಯುಕ್ತರು ತಿಳಿಸಿದ್ದಾರೆ. 25 ಡಿಸಿಪಿ, 57 ಎಸಿಪಿ, 110 ಇನ್ಸ್‌ಪೆಕ್ಟರ್, 738 ಪಿಎಸ್‌ಐ ಮತ್ತು ಸಿಬ್ಬಂದಿಯನ್ನು ನಿಯೋಜಿಸಲಾಗಿದೆ. ಪ್ರಮುಖ ದೇವಾಲಯಗಳ ಬಳಿ ಸಿಸಿ ಕ್ಯಾಮೆರಾ ಅಳವಡಿಸಲಾಗಿದ್ದು ಸಾರ್ವಜನಿಕರು ಸಹಕರಿಸಬೇಕು. ಯಾವುದೇ ಅಹಿತಕರ ಘಟನೆಗಳು ಕಂಡುಬಂದಲ್ಲಿ ತಕ್ಷಣ ಪೊಲೀಸ್ ಸಹಾಯವಾಣಿ 112, 0821-2418139, 0821-2418339 ಗೆ ಮಾಹಿತಿ ನೀಡಬಹುದು. ಸಂಚಾರ ದಟ್ಟಣೆ ನಿಯಂತ್ರಣಕ್ಕೆ ಮಾರ್ಗ ಬದಲಾವಣೆ ಮಾಡಲಾಗಿದ್ದು ವಾಹನ ಸವಾರರು ಬದಲಿ ಮಾರ್ಗ ಬಳಸುವಂತೆ ಕೋರಲಾಗಿದೆ. ಕಳ್ಳತನ ತಡೆಗೆ ಮಫ್ತಿಯಲ್ಲಿ ಪೊಲೀಸರು ಗಸ್ತು ನಡೆಸಲಿದ್ದಾರೆ.
Printed by T.S. Gopinath, Published by M. Govinde Gowda on behalf of Academy Newspapers Private Limited, 15-C Industrial 'A' Layout, Bannimantap, Mysore-570 015 and Printed at Academy Newspapers Private Limited, 15-C Industrial 'A' Layout, Bannimantap, Mysore-570 015 and Published at 15-C Industrial 'A' Layout, Bannimantap, Mysore-570 015, Editor: M. Govinde Gowda Ph: 2496520 / 2496521 / 2496526 / 2496527 / 2496528. Fax: 0821-2496525. CITY OFFICES: Visweswaraya Building, III Floor, K.R. CIRCLE, MYSORE-570 001, Ph: 2431774 and No. 114, D. DEVARAJ URS ROAD (Opposite Big Bus), MYSORE-570 001. Ph: 2428695. RNI Reg. No. 36581 / 1980 E-mail: news@mysoorumithra.com For advertisements: mysoorumithra@gmail.com
